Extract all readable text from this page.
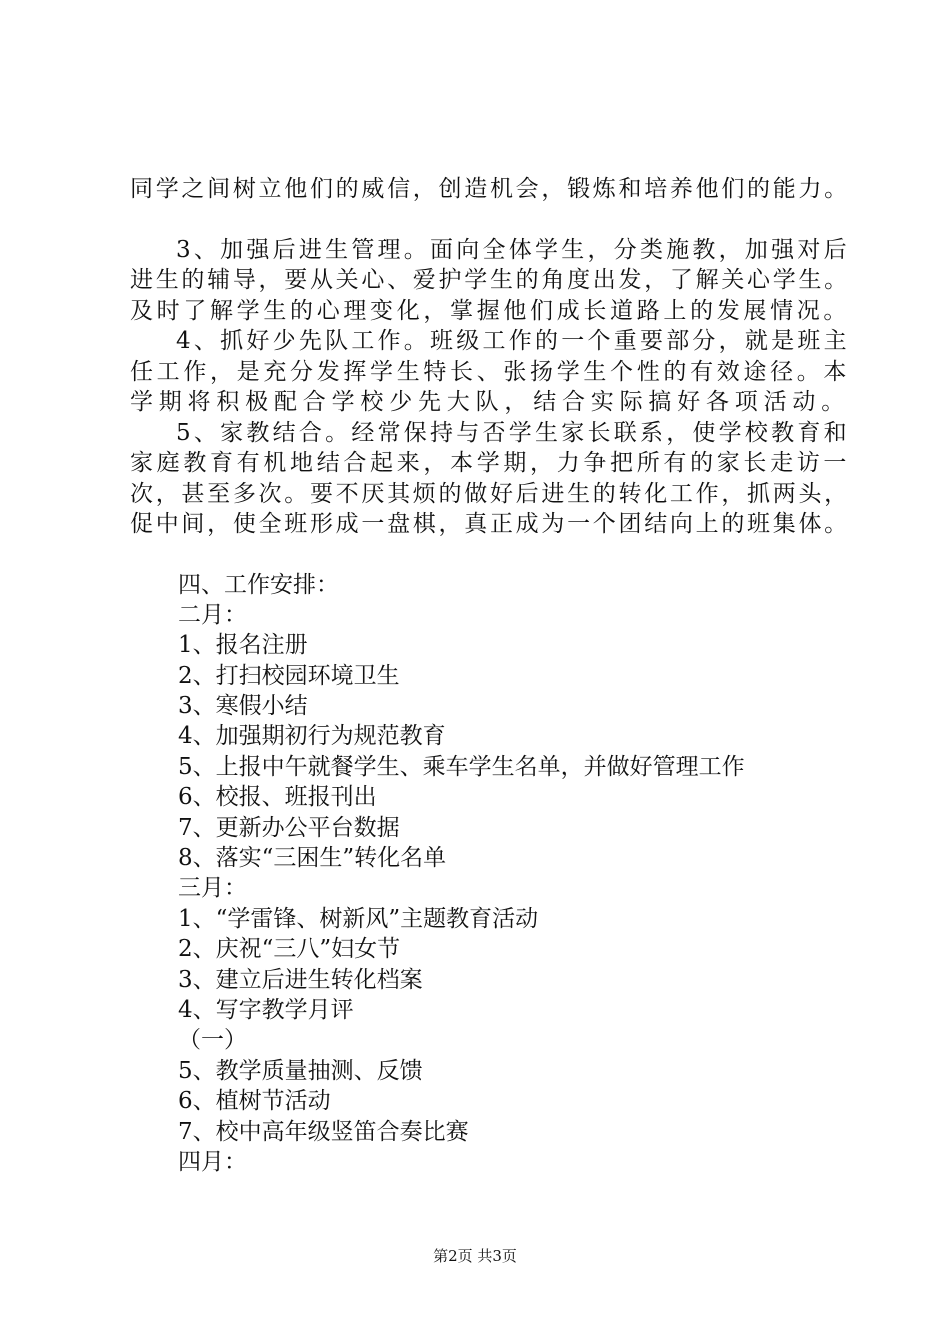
同学之间树立他们的威信，创造机会，锻炼和培养他们的能力。
3、加强后进生管理。面向全体学生，分类施教，加强对后
进生的辅导，要从关心、爱护学生的角度出发，了解关心学生。
及时了解学生的心理变化，掌握他们成长道路上的发展情况。
4、抓好少先队工作。班级工作的一个重要部分，就是班主
任工作，是充分发挥学生特长、张扬学生个性的有效途径。本
学期将积极配合学校少先大队，结合实际搞好各项活动。
5、家教结合。经常保持与否学生家长联系，使学校教育和
家庭教育有机地结合起来，本学期，力争把所有的家长走访一
次，甚至多次。要不厌其烦的做好后进生的转化工作，抓两头，
促中间，使全班形成一盘棋，真正成为一个团结向上的班集体。
四、工作安排：
二月：
1、报名注册
2、打扫校园环境卫生
3、寒假小结
4、加强期初行为规范教育
5、上报中午就餐学生、乘车学生名单，并做好管理工作
6、校报、班报刊出
7、更新办公平台数据
8、落实“三困生”转化名单
三月：
1、“学雷锋、树新风”主题教育活动
2、庆祝“三八”妇女节
3、建立后进生转化档案
4、写字教学月评
（一）
5、教学质量抽测、反馈
6、植树节活动
7、校中高年级竖笛合奏比赛
四月：
第2页 共3页
